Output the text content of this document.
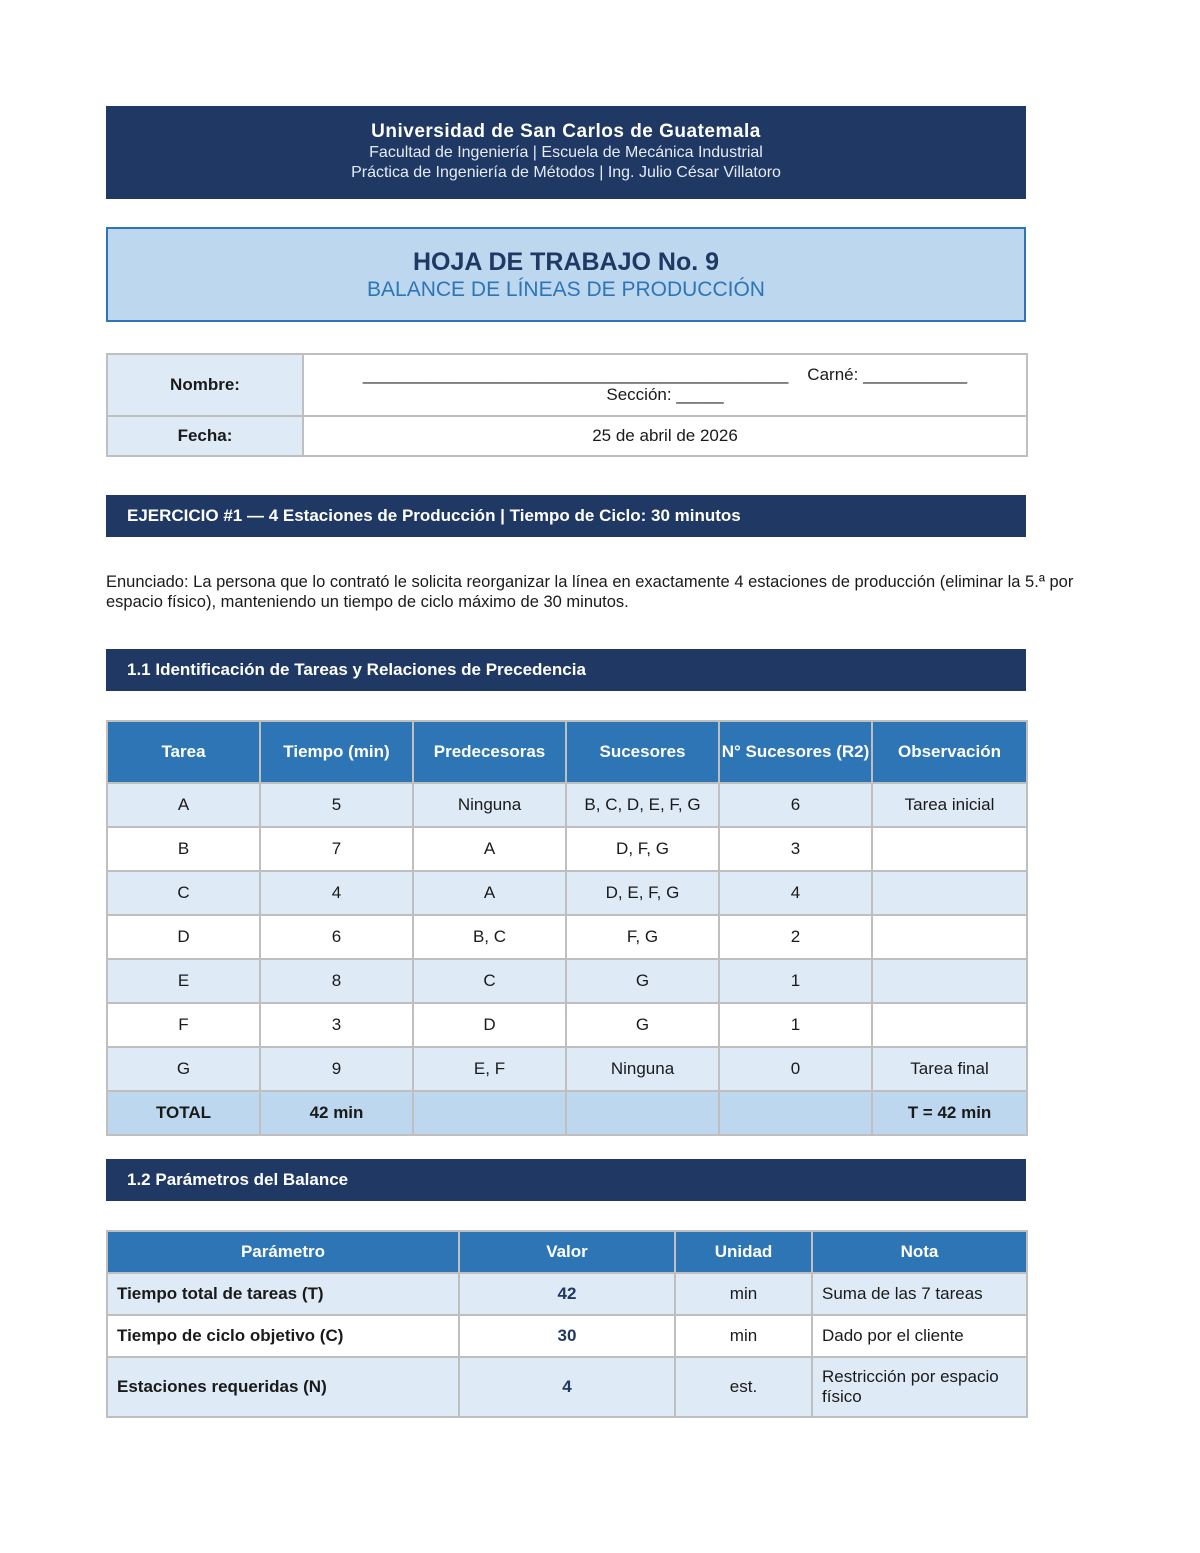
Universidad de San Carlos de Guatemala
Facultad de Ingeniería | Escuela de Mecánica Industrial
Práctica de Ingeniería de Métodos | Ing. Julio César Villatoro
HOJA DE TRABAJO No. 9
BALANCE DE LÍNEAS DE PRODUCCIÓN
Nombre:	_____________________________________________ Carné: ___________
Sección: _____

Fecha:	25 de abril de 2026
EJERCICIO #1 — 4 Estaciones de Producción | Tiempo de Ciclo: 30 minutos
Enunciado: La persona que lo contrató le solicita reorganizar la línea en exactamente 4 estaciones de producción (eliminar la 5.ª por espacio físico), manteniendo un tiempo de ciclo máximo de 30 minutos.
1.1 Identificación de Tareas y Relaciones de Precedencia
Tarea	Tiempo (min)	Predecesoras	Sucesores	N° Sucesores (R2)	Observación
A	5	Ninguna	B, C, D, E, F, G	6	Tarea inicial
B	7	A	D, F, G	3	
C	4	A	D, E, F, G	4	
D	6	B, C	F, G	2	
E	8	C	G	1	
F	3	D	G	1	
G	9	E, F	Ninguna	0	Tarea final
TOTAL	42 min				T = 42 min
1.2 Parámetros del Balance
Parámetro	Valor	Unidad	Nota
Tiempo total de tareas (T)	42	min	Suma de las 7 tareas
Tiempo de ciclo objetivo (C)	30	min	Dado por el cliente
Estaciones requeridas (N)	4	est.	Restricción por espacio físico
